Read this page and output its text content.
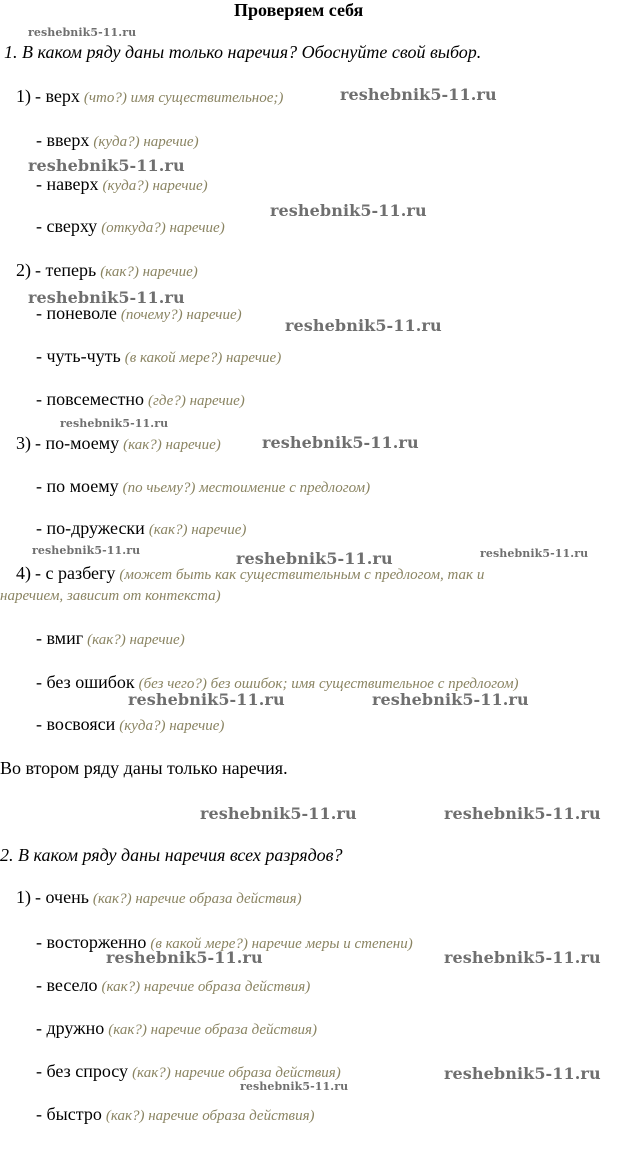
Проверяем себя
1. В каком ряду даны только наречия? Обоснуйте свой выбор.
1) - верх (что?) имя существительное;)
- вверх (куда?) наречие)
- наверх (куда?) наречие)
- сверху (откуда?) наречие)
2) - теперь (как?) наречие)
- поневоле (почему?) наречие)
- чуть-чуть (в какой мере?) наречие)
- повсеместно (где?) наречие)
3) - по-моему (как?) наречие)
- по моему (по чьему?) местоимение с предлогом)
- по-дружески (как?) наречие)
4) - с разбегу (может быть как существительным с предлогом, так и
наречием, зависит от контекста)
- вмиг (как?) наречие)
- без ошибок (без чего?) без ошибок; имя существительное с предлогом)
- восвояси (куда?) наречие)
Во втором ряду даны только наречия.
2. В каком ряду даны наречия всех разрядов?
1) - очень (как?) наречие образа действия)
- восторженно (в какой мере?) наречие меры и степени)
- весело (как?) наречие образа действия)
- дружно (как?) наречие образа действия)
- без спросу (как?) наречие образа действия)
- быстро (как?) наречие образа действия)
reshebnik5-11.ru
reshebnik5-11.ru
reshebnik5-11.ru
reshebnik5-11.ru
reshebnik5-11.ru
reshebnik5-11.ru
reshebnik5-11.ru
reshebnik5-11.ru
reshebnik5-11.ru	reshebnik5-11.ru	reshebnik5-11.ru
reshebnik5-11.ru	reshebnik5-11.ru
reshebnik5-11.ru	reshebnik5-11.ru
reshebnik5-11.ru	reshebnik5-11.ru
reshebnik5-11.ru
reshebnik5-11.ru
